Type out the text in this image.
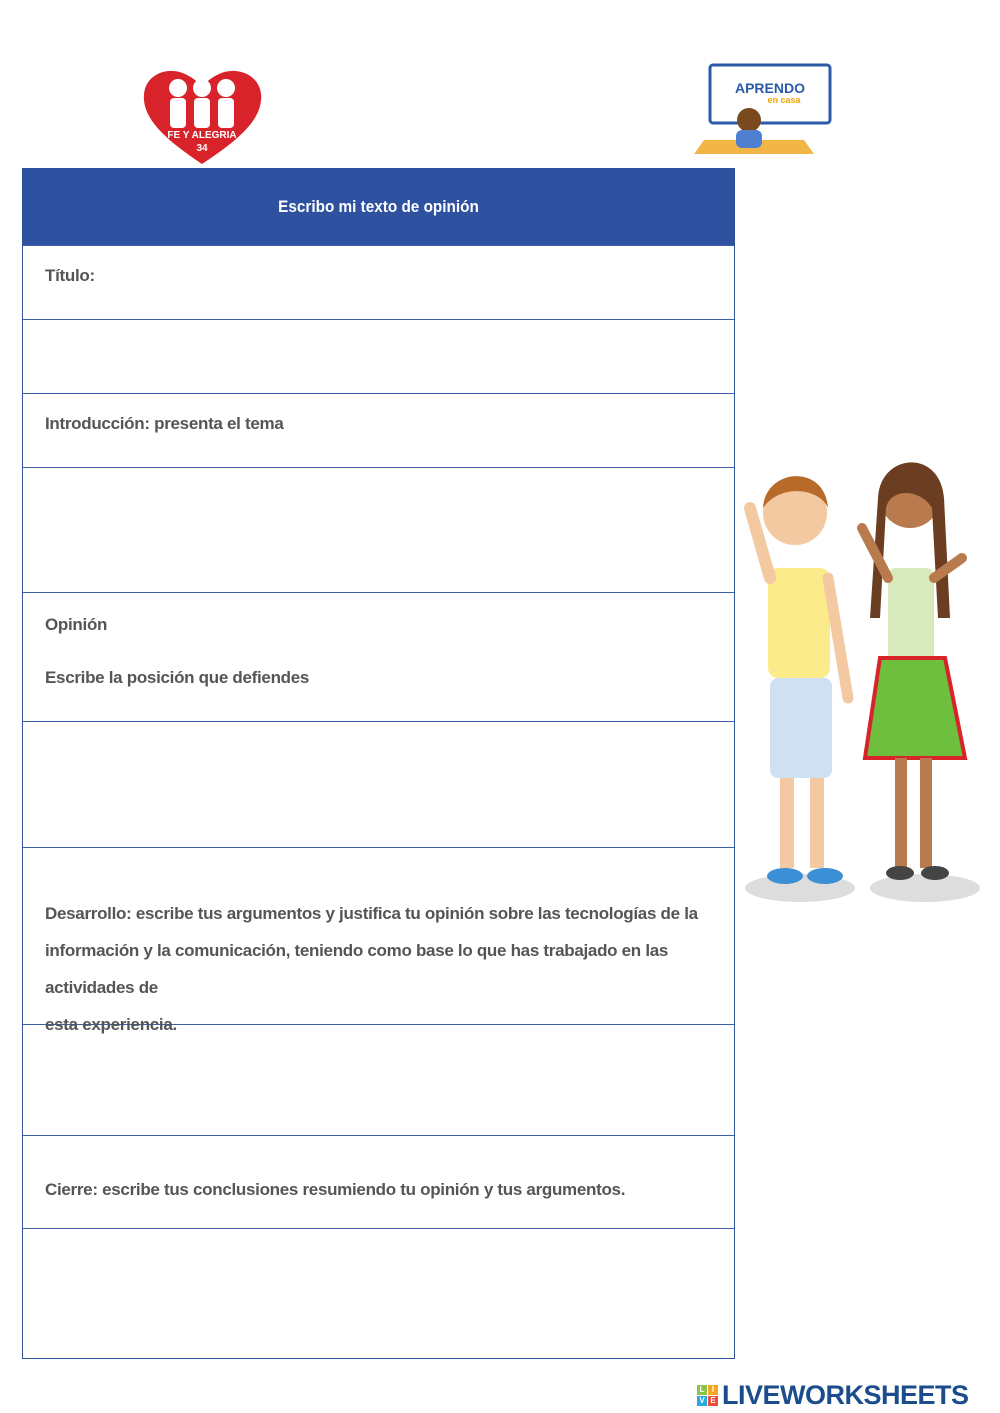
FE Y ALEGRIA
34
APRENDO
en casa
Escribo mi texto de opinión

Título:

Introducción: presenta el tema

Opinión

Escribe la posición que defiendes

Desarrollo: escribe tus argumentos y justifica tu opinión sobre las tecnologías de la

información y la comunicación, teniendo como base lo que has trabajado en las actividades de

esta experiencia.

Cierre: escribe tus conclusiones resumiendo tu opinión y tus argumentos.

L I
V E LIVEWORKSHEETS
